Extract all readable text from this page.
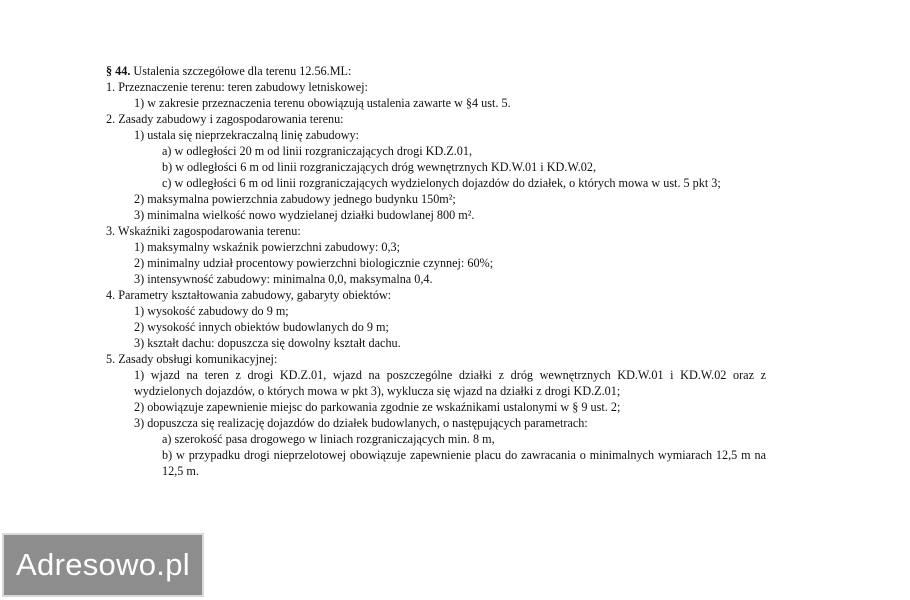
§ 44. Ustalenia szczegółowe dla terenu 12.56.ML:
1. Przeznaczenie terenu: teren zabudowy letniskowej:
1) w zakresie przeznaczenia terenu obowiązują ustalenia zawarte w §4 ust. 5.
2. Zasady zabudowy i zagospodarowania terenu:
1) ustala się nieprzekraczalną linię zabudowy:
a) w odległości 20 m od linii rozgraniczających drogi KD.Z.01,
b) w odległości 6 m od linii rozgraniczających dróg wewnętrznych KD.W.01 i KD.W.02,
c) w odległości 6 m od linii rozgraniczających wydzielonych dojazdów do działek, o których mowa w ust. 5 pkt 3;
2) maksymalna powierzchnia zabudowy jednego budynku 150m²;
3) minimalna wielkość nowo wydzielanej działki budowlanej 800 m².
3. Wskaźniki zagospodarowania terenu:
1) maksymalny wskaźnik powierzchni zabudowy: 0,3;
2) minimalny udział procentowy powierzchni biologicznie czynnej: 60%;
3) intensywność zabudowy: minimalna 0,0, maksymalna 0,4.
4. Parametry kształtowania zabudowy, gabaryty obiektów:
1) wysokość zabudowy do 9 m;
2) wysokość innych obiektów budowlanych do 9 m;
3) kształt dachu: dopuszcza się dowolny kształt dachu.
5. Zasady obsługi komunikacyjnej:
1) wjazd na teren z drogi KD.Z.01, wjazd na poszczególne działki z dróg wewnętrznych KD.W.01 i KD.W.02 oraz z wydzielonych dojazdów, o których mowa w pkt 3), wyklucza się wjazd na działki z drogi KD.Z.01;
2) obowiązuje zapewnienie miejsc do parkowania zgodnie ze wskaźnikami ustalonymi w § 9 ust. 2;
3) dopuszcza się realizację dojazdów do działek budowlanych, o następujących parametrach:
a) szerokość pasa drogowego w liniach rozgraniczających min. 8 m,
b) w przypadku drogi nieprzelotowej obowiązuje zapewnienie placu do zawracania o minimalnych wymiarach 12,5 m na 12,5 m.
Adresowo.pl
